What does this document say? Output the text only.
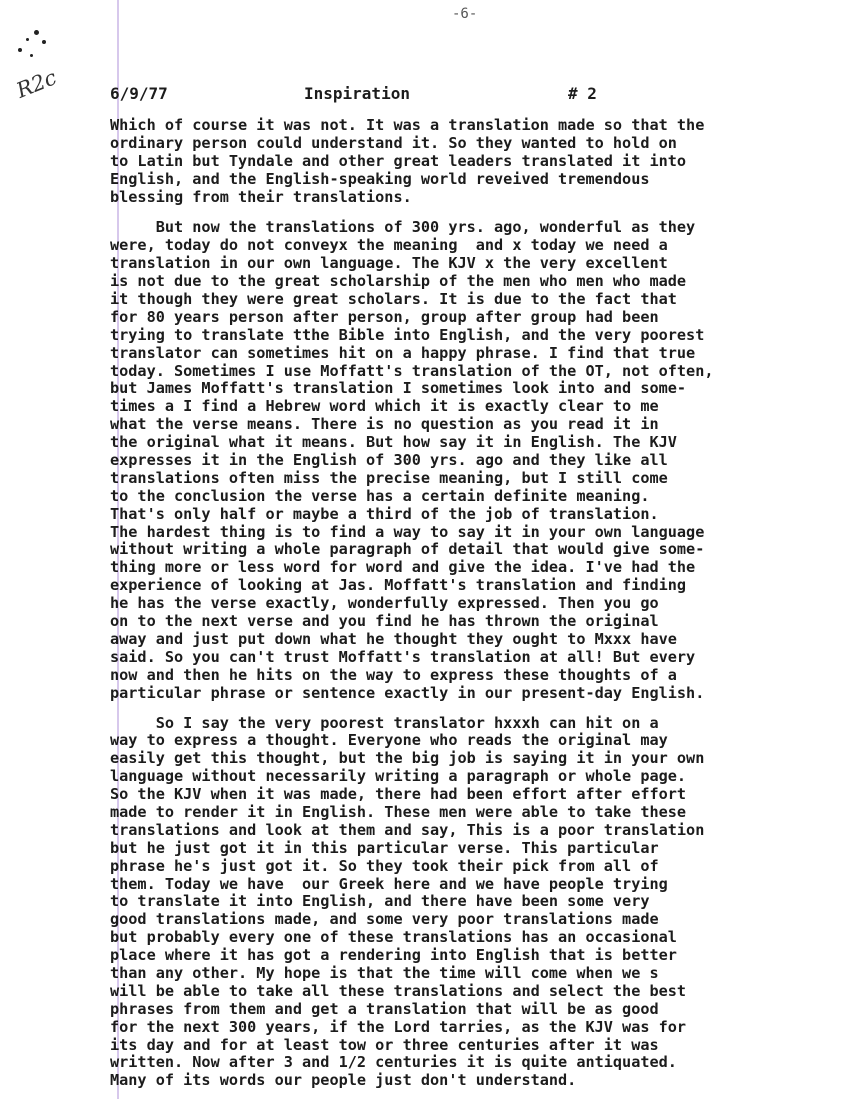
-6-
R2c

	6/9/77

	Inspiration

	# 2

Which of course it was not. It was a translation made so that the
ordinary person could understand it. So they wanted to hold on
to Latin but Tyndale and other great leaders translated it into
English, and the English-speaking world reveived tremendous
blessing from their translations.
But now the translations of 300 yrs. ago, wonderful as they
were, today do not conveyx the meaning  and x today we need a
translation in our own language. The KJV x the very excellent
is not due to the great scholarship of the men who men who made
it though they were great scholars. It is due to the fact that
for 80 years person after person, group after group had been
trying to translate tthe Bible into English, and the very poorest
translator can sometimes hit on a happy phrase. I find that true
today. Sometimes I use Moffatt's translation of the OT, not often,
but James Moffatt's translation I sometimes look into and some-
times a I find a Hebrew word which it is exactly clear to me
what the verse means. There is no question as you read it in
the original what it means. But how say it in English. The KJV
expresses it in the English of 300 yrs. ago and they like all
translations often miss the precise meaning, but I still come
to the conclusion the verse has a certain definite meaning.
That's only half or maybe a third of the job of translation.
The hardest thing is to find a way to say it in your own language
without writing a whole paragraph of detail that would give some-
thing more or less word for word and give the idea. I've had the
experience of looking at Jas. Moffatt's translation and finding
he has the verse exactly, wonderfully expressed. Then you go
on to the next verse and you find he has thrown the original
away and just put down what he thought they ought to Mxxx have
said. So you can't trust Moffatt's translation at all! But every
now and then he hits on the way to express these thoughts of a
particular phrase or sentence exactly in our present-day English.
So I say the very poorest translator hxxxh can hit on a
way to express a thought. Everyone who reads the original may
easily get this thought, but the big job is saying it in your own
language without necessarily writing a paragraph or whole page.
So the KJV when it was made, there had been effort after effort
made to render it in English. These men were able to take these
translations and look at them and say, This is a poor translation
but he just got it in this particular verse. This particular
phrase he's just got it. So they took their pick from all of
them. Today we have  our Greek here and we have people trying
to translate it into English, and there have been some very
good translations made, and some very poor translations made
but probably every one of these translations has an occasional
place where it has got a rendering into English that is better
than any other. My hope is that the time will come when we s
will be able to take all these translations and select the best
phrases from them and get a translation that will be as good
for the next 300 years, if the Lord tarries, as the KJV was for
its day and for at least tow or three centuries after it was
written. Now after 3 and 1/2 centuries it is quite antiquated.
Many of its words our people just don't understand.
